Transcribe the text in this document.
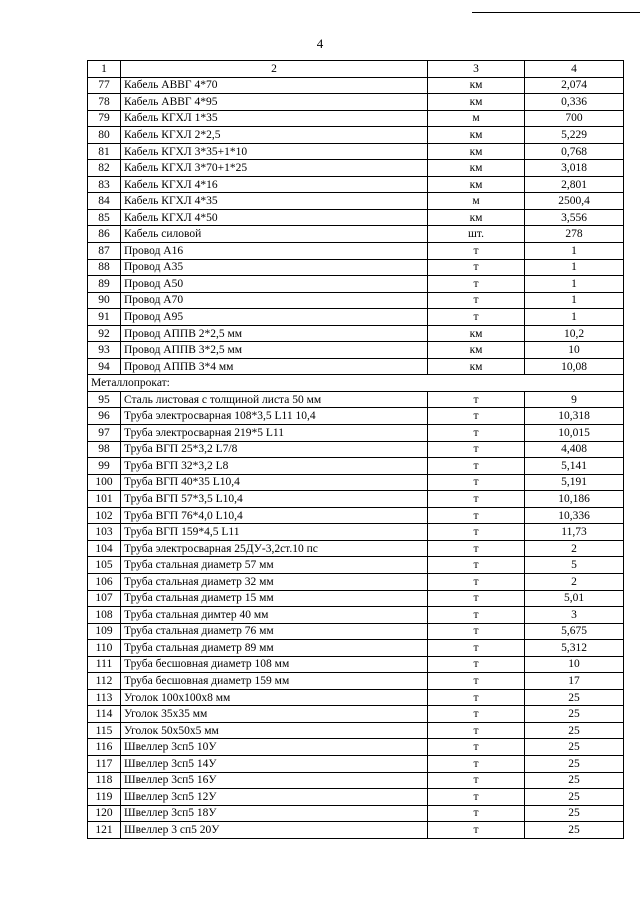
4
1	2	3	4
77	Кабель АВВГ 4*70	км	2,074
78	Кабель АВВГ 4*95	км	0,336
79	Кабель КГХЛ 1*35	м	700
80	Кабель КГХЛ 2*2,5	км	5,229
81	Кабель КГХЛ 3*35+1*10	км	0,768
82	Кабель КГХЛ 3*70+1*25	км	3,018
83	Кабель КГХЛ 4*16	км	2,801
84	Кабель КГХЛ 4*35	м	2500,4
85	Кабель КГХЛ 4*50	км	3,556
86	Кабель силовой	шт.	278
87	Провод А16	т	1
88	Провод А35	т	1
89	Провод А50	т	1
90	Провод А70	т	1
91	Провод А95	т	1
92	Провод АППВ 2*2,5 мм	км	10,2
93	Провод АППВ 3*2,5 мм	км	10
94	Провод АППВ 3*4 мм	км	10,08
Металлопрокат:			
95	Сталь листовая с толщиной листа 50 мм	т	9
96	Труба электросварная 108*3,5 L11 10,4	т	10,318
97	Труба электросварная 219*5 L11	т	10,015
98	Труба ВГП 25*3,2 L7/8	т	4,408
99	Труба ВГП 32*3,2 L8	т	5,141
100	Труба ВГП 40*35 L10,4	т	5,191
101	Труба ВГП 57*3,5 L10,4	т	10,186
102	Труба ВГП 76*4,0 L10,4	т	10,336
103	Труба ВГП 159*4,5 L11	т	11,73
104	Труба электросварная 25ДУ-3,2ст.10 пс	т	2
105	Труба стальная диаметр 57 мм	т	5
106	Труба стальная диаметр 32 мм	т	2
107	Труба стальная диаметр 15 мм	т	5,01
108	Труба стальная димтер 40 мм	т	3
109	Труба стальная диаметр 76 мм	т	5,675
110	Труба стальная диаметр 89 мм	т	5,312
111	Труба бесшовная диаметр 108 мм	т	10
112	Труба бесшовная диаметр 159 мм	т	17
113	Уголок 100х100х8 мм	т	25
114	Уголок 35х35 мм	т	25
115	Уголок 50х50х5 мм	т	25
116	Швеллер 3сп5 10У	т	25
117	Швеллер 3сп5 14У	т	25
118	Швеллер 3сп5 16У	т	25
119	Швеллер 3сп5 12У	т	25
120	Швеллер 3сп5 18У	т	25
121	Швеллер 3 сп5 20У	т	25
